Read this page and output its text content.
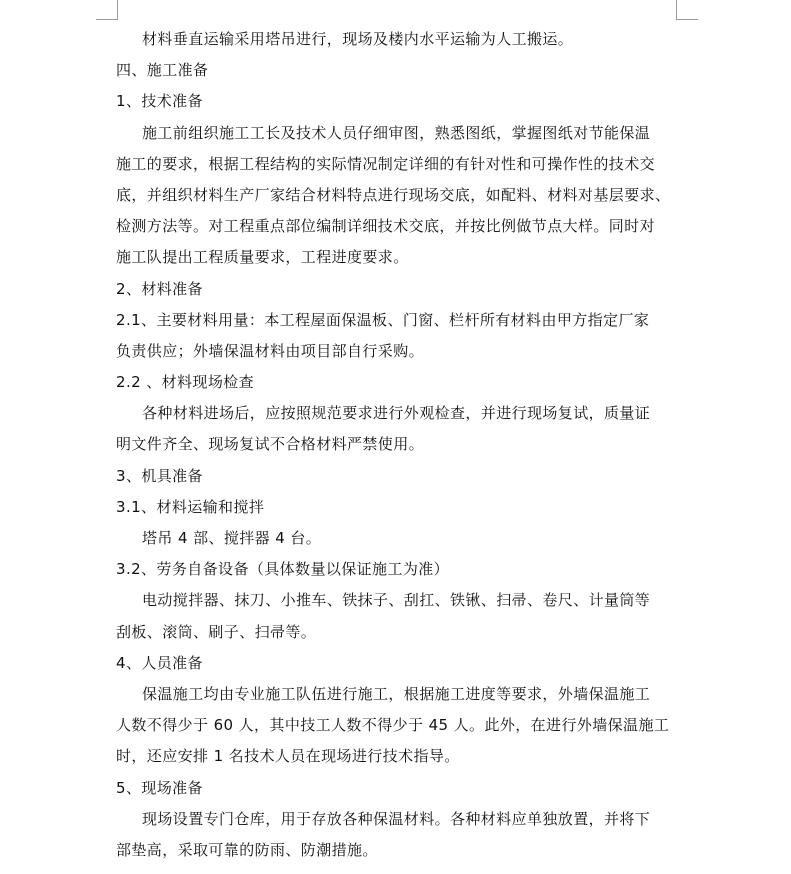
材料垂直运输采用塔吊进行，现场及楼内水平运输为人工搬运。
四、施工准备
1、技术准备
施工前组织施工工长及技术人员仔细审图，熟悉图纸，掌握图纸对节能保温
施工的要求，根据工程结构的实际情况制定详细的有针对性和可操作性的技术交
底，并组织材料生产厂家结合材料特点进行现场交底，如配料、材料对基层要求、
检测方法等。对工程重点部位编制详细技术交底，并按比例做节点大样。同时对
施工队提出工程质量要求，工程进度要求。
2、材料准备
2.1、主要材料用量：本工程屋面保温板、门窗、栏杆所有材料由甲方指定厂家
负责供应；外墙保温材料由项目部自行采购。
2.2 、材料现场检查
各种材料进场后，应按照规范要求进行外观检查，并进行现场复试，质量证
明文件齐全、现场复试不合格材料严禁使用。
3、机具准备
3.1、材料运输和搅拌
塔吊 4 部、搅拌器 4 台。
3.2、劳务自备设备（具体数量以保证施工为准）
电动搅拌器、抹刀、小推车、铁抹子、刮扛、铁锹、扫帚、卷尺、计量筒等
刮板、滚筒、刷子、扫帚等。
4、人员准备
保温施工均由专业施工队伍进行施工，根据施工进度等要求，外墙保温施工
人数不得少于 60 人，其中技工人数不得少于 45 人。此外，在进行外墙保温施工
时，还应安排 1 名技术人员在现场进行技术指导。
5、现场准备
现场设置专门仓库，用于存放各种保温材料。各种材料应单独放置，并将下
部垫高，采取可靠的防雨、防潮措施。
